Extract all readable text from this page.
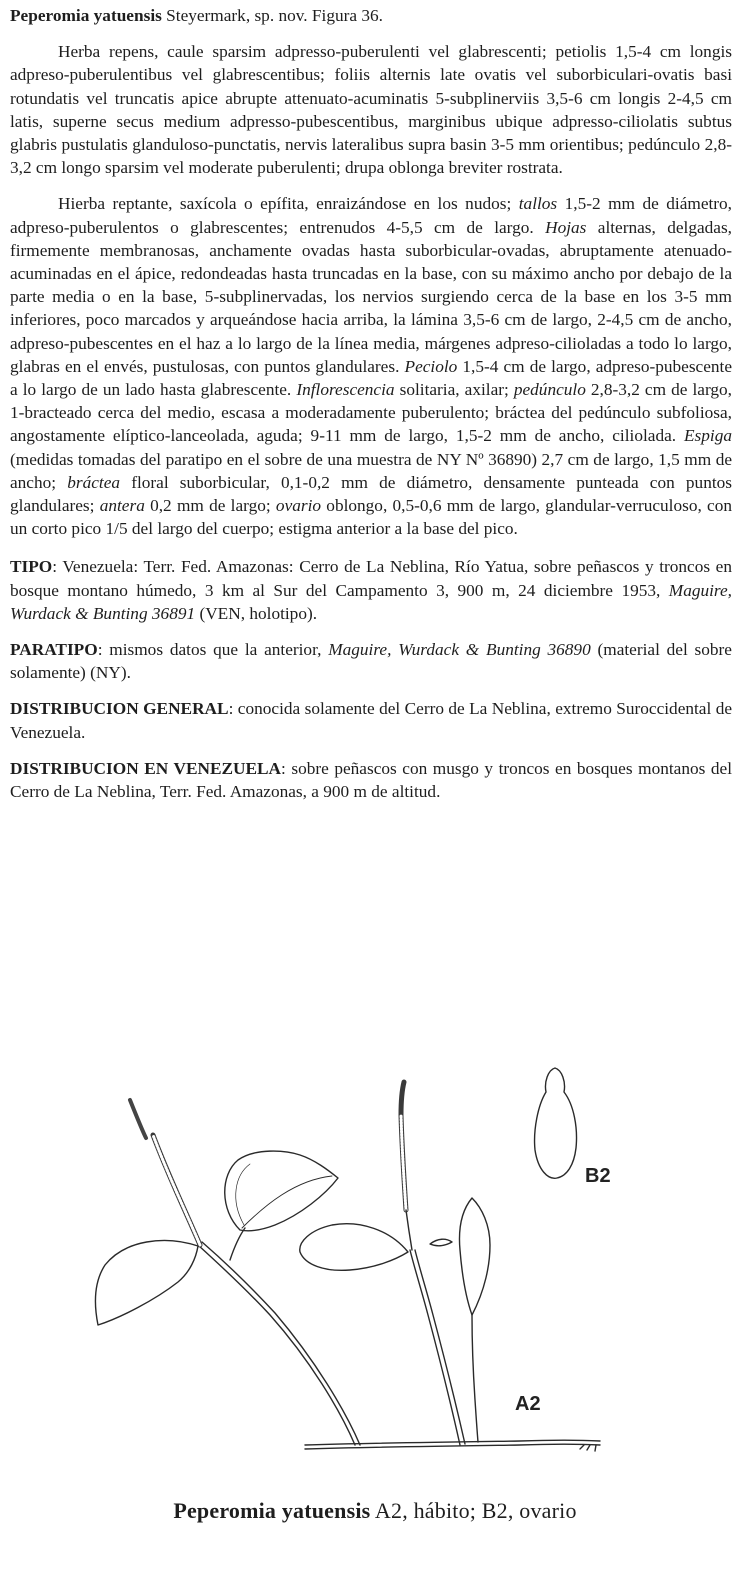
Peperomia yatuensis Steyermark, sp. nov. Figura 36.

Herba repens, caule sparsim adpresso-puberulenti vel glabrescenti; petiolis 1,5-4 cm longis adpreso-puberulentibus vel glabrescentibus; foliis alternis late ovatis vel suborbiculari-ovatis basi rotundatis vel truncatis apice abrupte attenuato-acuminatis 5-subplinerviis 3,5-6 cm longis 2-4,5 cm latis, superne secus medium adpresso-pubescentibus, marginibus ubique adpresso-ciliolatis subtus glabris pustulatis glanduloso-punctatis, nervis lateralibus supra basin 3-5 mm orientibus; pedúnculo 2,8-3,2 cm longo sparsim vel moderate puberulenti; drupa oblonga breviter rostrata.

Hierba reptante, saxícola o epífita, enraizándose en los nudos; tallos 1,5-2 mm de diámetro, adpreso-puberulentos o glabrescentes; entrenudos 4-5,5 cm de largo. Hojas alternas, delgadas, firmemente membranosas, anchamente ovadas hasta suborbicular-ovadas, abruptamente atenuado-acuminadas en el ápice, redondeadas hasta truncadas en la base, con su máximo ancho por debajo de la parte media o en la base, 5-subplinervadas, los nervios surgiendo cerca de la base en los 3-5 mm inferiores, poco marcados y arqueándose hacia arriba, la lámina 3,5-6 cm de largo, 2-4,5 cm de ancho, adpreso-pubescentes en el haz a lo largo de la línea media, márgenes adpreso-cilioladas a todo lo largo, glabras en el envés, pustulosas, con puntos glandulares. Peciolo 1,5-4 cm de largo, adpreso-pubescente a lo largo de un lado hasta glabrescente. Inflorescencia solitaria, axilar; pedúnculo 2,8-3,2 cm de largo, 1-bracteado cerca del medio, escasa a moderadamente puberulento; bráctea del pedúnculo subfoliosa, angostamente elíptico-lanceolada, aguda; 9-11 mm de largo, 1,5-2 mm de ancho, ciliolada. Espiga (medidas tomadas del paratipo en el sobre de una muestra de NY Nº 36890) 2,7 cm de largo, 1,5 mm de ancho; bráctea floral suborbicular, 0,1-0,2 mm de diámetro, densamente punteada con puntos glandulares; antera 0,2 mm de largo; ovario oblongo, 0,5-0,6 mm de largo, glandular-verruculoso, con un corto pico 1/5 del largo del cuerpo; estigma anterior a la base del pico.

TIPO: Venezuela: Terr. Fed. Amazonas: Cerro de La Neblina, Río Yatua, sobre peñascos y troncos en bosque montano húmedo, 3 km al Sur del Campamento 3, 900 m, 24 diciembre 1953, Maguire, Wurdack & Bunting 36891 (VEN, holotipo).

PARATIPO: mismos datos que la anterior, Maguire, Wurdack & Bunting 36890 (material del sobre solamente) (NY).

DISTRIBUCION GENERAL: conocida solamente del Cerro de La Neblina, extremo Suroccidental de Venezuela.

DISTRIBUCION EN VENEZUELA: sobre peñascos con musgo y troncos en bosques montanos del Cerro de La Neblina, Terr. Fed. Amazonas, a 900 m de altitud.

B2
A2
Peperomia yatuensis A2, hábito; B2, ovario
